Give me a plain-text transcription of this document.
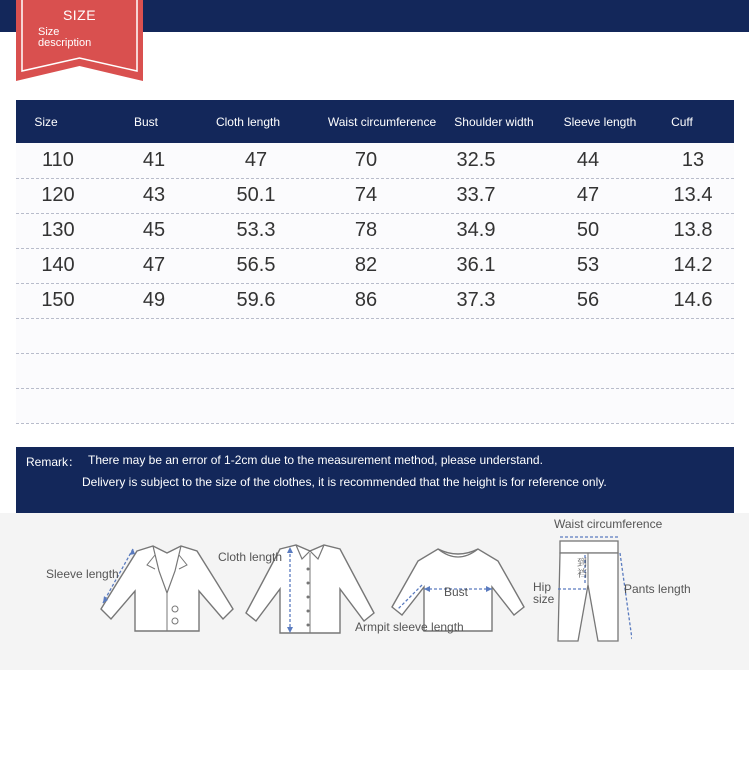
SIZE
Size
description
Size	Bust	Cloth length	Waist circumference	Shoulder width	Sleeve length	Cuff
110	41	47	70	32.5	44	13
120	43	50.1	74	33.7	47	13.4
130	45	53.3	78	34.9	50	13.8
140	47	56.5	82	36.1	53	14.2
150	49	59.6	86	37.3	56	14.6
Remark： There may be an error of 1-2cm due to the measurement method, please understand.
Delivery is subject to the size of the clothes, it is recommended that the height is for reference only.
Sleeve length
Cloth length
Bust
Armpit sleeve length
Waist circumference
到
裆
Hip
size
Pants length
